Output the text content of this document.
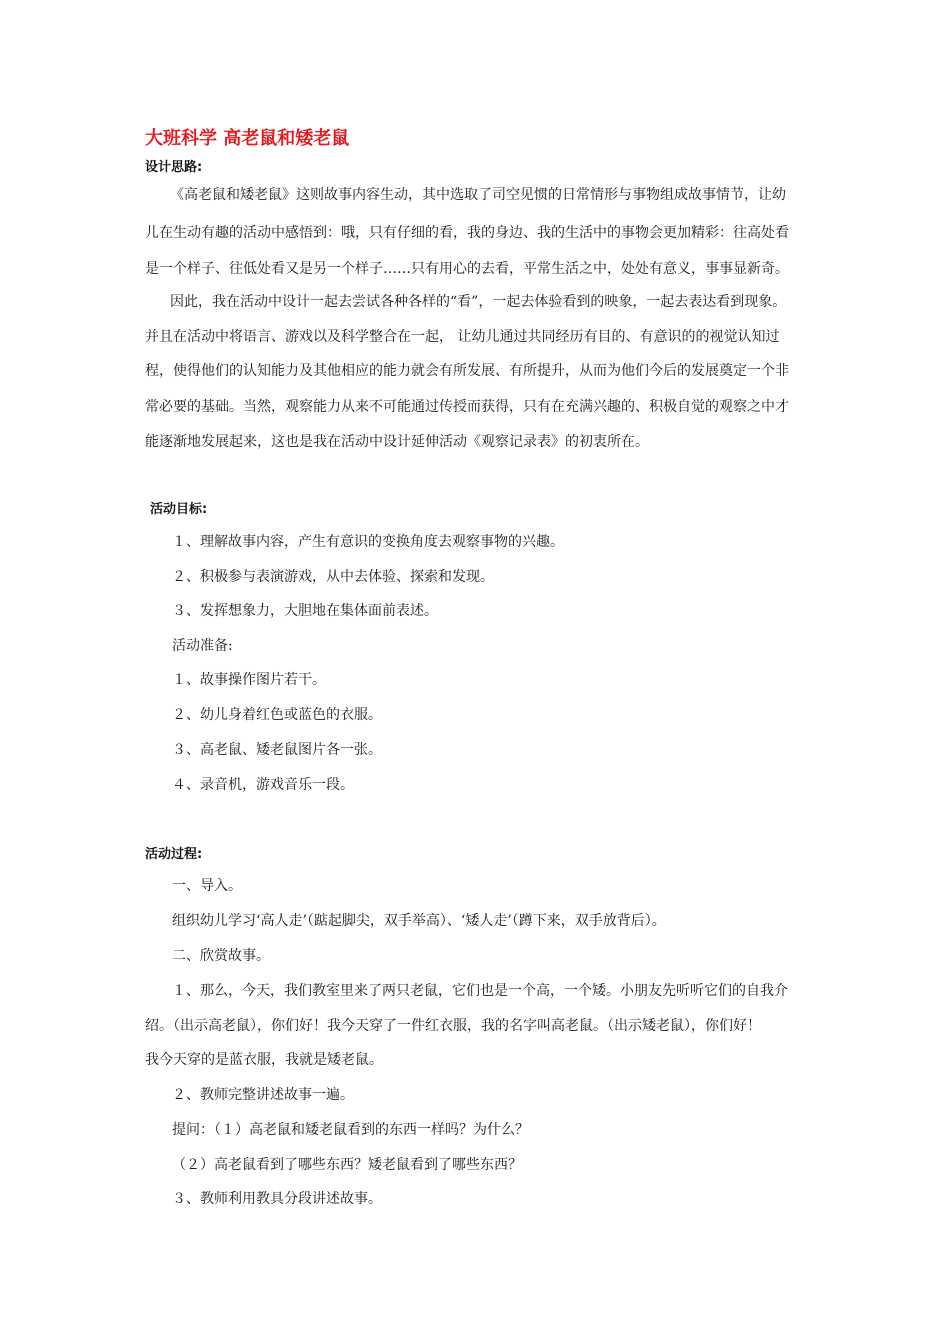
大班科学 高老鼠和矮老鼠
设计思路:
《高老鼠和矮老鼠》这则故事内容生动，其中选取了司空见惯的日常情形与事物组成故事情节，让幼
儿在生动有趣的活动中感悟到：哦，只有仔细的看，我的身边、我的生活中的事物会更加精彩：往高处看
是一个样子、往低处看又是另一个样子……只有用心的去看，平常生活之中，处处有意义，事事显新奇。
因此，我在活动中设计一起去尝试各种各样的“看”，一起去体验看到的映象，一起去表达看到现象。
并且在活动中将语言、游戏以及科学整合在一起， 让幼儿通过共同经历有目的、有意识的的视觉认知过
程，使得他们的认知能力及其他相应的能力就会有所发展、有所提升，从而为他们今后的发展奠定一个非
常必要的基础。当然，观察能力从来不可能通过传授而获得，只有在充满兴趣的、积极自觉的观察之中才
能逐渐地发展起来，这也是我在活动中设计延伸活动《观察记录表》的初衷所在。
活动目标:
１、理解故事内容，产生有意识的变换角度去观察事物的兴趣。
２、积极参与表演游戏，从中去体验、探索和发现。
３、发挥想象力，大胆地在集体面前表述。
活动准备:
１、故事操作图片若干。
２、幼儿身着红色或蓝色的衣服。
３、高老鼠、矮老鼠图片各一张。
４、录音机，游戏音乐一段。
活动过程:
一、导入。
组织幼儿学习‘高人走’（踮起脚尖，双手举高）、‘矮人走’（蹲下来，双手放背后）。
二、欣赏故事。
１、那么，今天，我们教室里来了两只老鼠，它们也是一个高，一个矮。小朋友先听听它们的自我介
绍。（出示高老鼠），你们好！我今天穿了一件红衣服，我的名字叫高老鼠。（出示矮老鼠），你们好！
我今天穿的是蓝衣服，我就是矮老鼠。
２、教师完整讲述故事一遍。
提问：（１）高老鼠和矮老鼠看到的东西一样吗？为什么？
（２）高老鼠看到了哪些东西？矮老鼠看到了哪些东西？
３、教师利用教具分段讲述故事。
